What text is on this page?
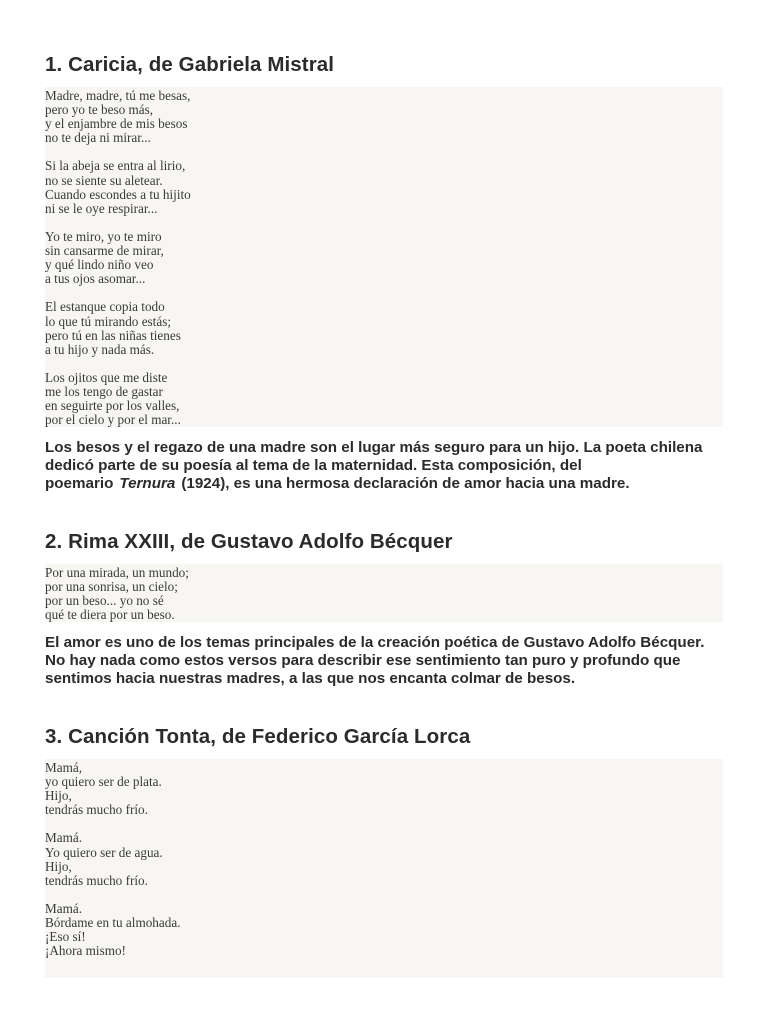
1. Caricia, de Gabriela Mistral
Madre, madre, tú me besas,
pero yo te beso más,
y el enjambre de mis besos
no te deja ni mirar...
Si la abeja se entra al lirio,
no se siente su aletear.
Cuando escondes a tu hijito
ni se le oye respirar...
Yo te miro, yo te miro
sin cansarme de mirar,
y qué lindo niño veo
a tus ojos asomar...
El estanque copia todo
lo que tú mirando estás;
pero tú en las niñas tienes
a tu hijo y nada más.
Los ojitos que me diste
me los tengo de gastar
en seguirte por los valles,
por el cielo y por el mar...

Los besos y el regazo de una madre son el lugar más seguro para un hijo. La poeta chilena dedicó parte de su poesía al tema de la maternidad. Esta composición, del poemario Ternura (1924), es una hermosa declaración de amor hacia una madre.

2. Rima XXIII, de Gustavo Adolfo Bécquer
Por una mirada, un mundo;
por una sonrisa, un cielo;
por un beso... yo no sé
qué te diera por un beso.

El amor es uno de los temas principales de la creación poética de Gustavo Adolfo Bécquer. No hay nada como estos versos para describir ese sentimiento tan puro y profundo que sentimos hacia nuestras madres, a las que nos encanta colmar de besos.

3. Canción Tonta, de Federico García Lorca
Mamá,
yo quiero ser de plata.
Hijo,
tendrás mucho frío.
Mamá.
Yo quiero ser de agua.
Hijo,
tendrás mucho frío.
Mamá.
Bórdame en tu almohada.
¡Eso sí!
¡Ahora mismo!
